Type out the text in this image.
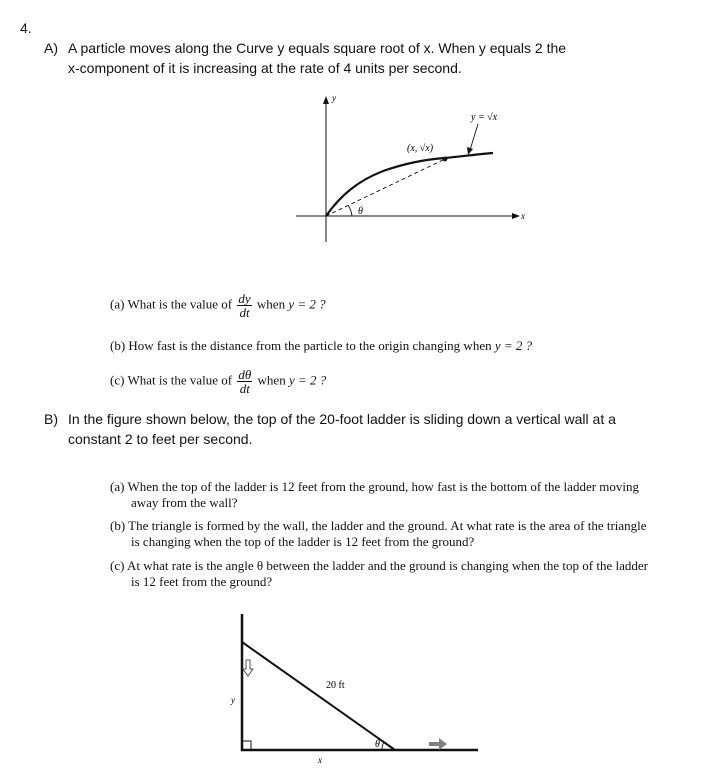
4.
A) A particle moves along the Curve y equals square root of x. When y equals 2 the
x-component of it is increasing at the rate of 4 units per second.
y
x
θ
(x, √x)
y = √x
(a) What is the value of $\frac{dy}{dt}$ when y = 2 ?
(b) How fast is the distance from the particle to the origin changing when y = 2 ?
(c) What is the value of $\frac{d\theta}{dt}$ when y = 2 ?
B) In the figure shown below, the top of the 20-foot ladder is sliding down a vertical wall at a
constant 2 to feet per second.
(a) When the top of the ladder is 12 feet from the ground, how fast is the bottom of the ladder moving
away from the wall?
(b) The triangle is formed by the wall, the ladder and the ground. At what rate is the area of the triangle
is changing when the top of the ladder is 12 feet from the ground?
(c) At what rate is the angle θ between the ladder and the ground is changing when the top of the ladder
is 12 feet from the ground?
20 ft
y
x
θ
